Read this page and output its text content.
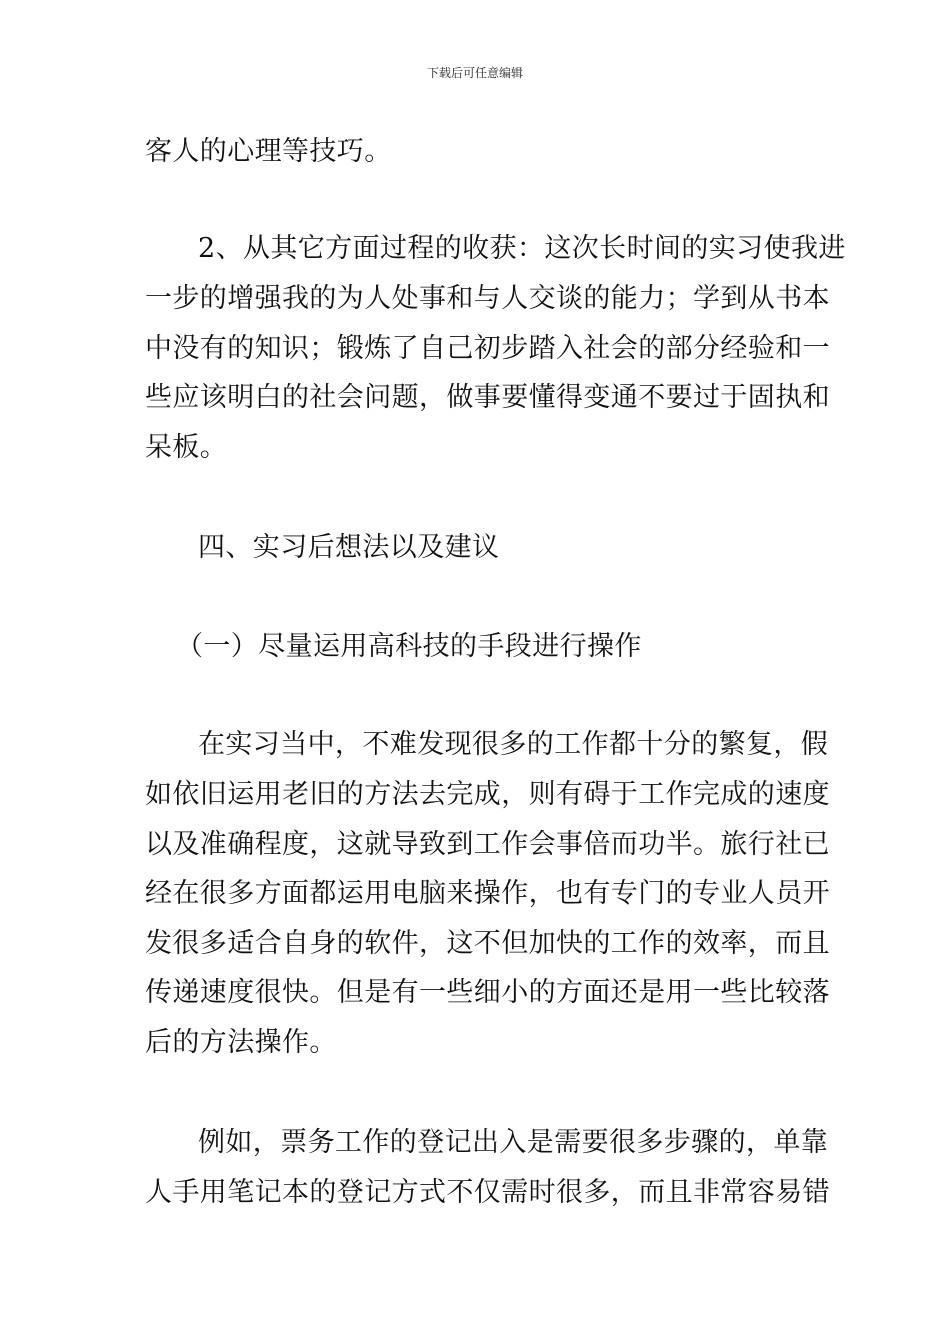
下载后可任意编辑

客人的心理等技巧。

2、从其它方面过程的收获：这次长时间的实习使我进

一步的增强我的为人处事和与人交谈的能力；学到从书本

中没有的知识；锻炼了自己初步踏入社会的部分经验和一

些应该明白的社会问题，做事要懂得变通不要过于固执和

呆板。

四、实习后想法以及建议

（一）尽量运用高科技的手段进行操作

在实习当中，不难发现很多的工作都十分的繁复，假

如依旧运用老旧的方法去完成，则有碍于工作完成的速度

以及准确程度，这就导致到工作会事倍而功半。旅行社已

经在很多方面都运用电脑来操作，也有专门的专业人员开

发很多适合自身的软件，这不但加快的工作的效率，而且

传递速度很快。但是有一些细小的方面还是用一些比较落

后的方法操作。

例如，票务工作的登记出入是需要很多步骤的，单靠

人手用笔记本的登记方式不仅需时很多，而且非常容易错
